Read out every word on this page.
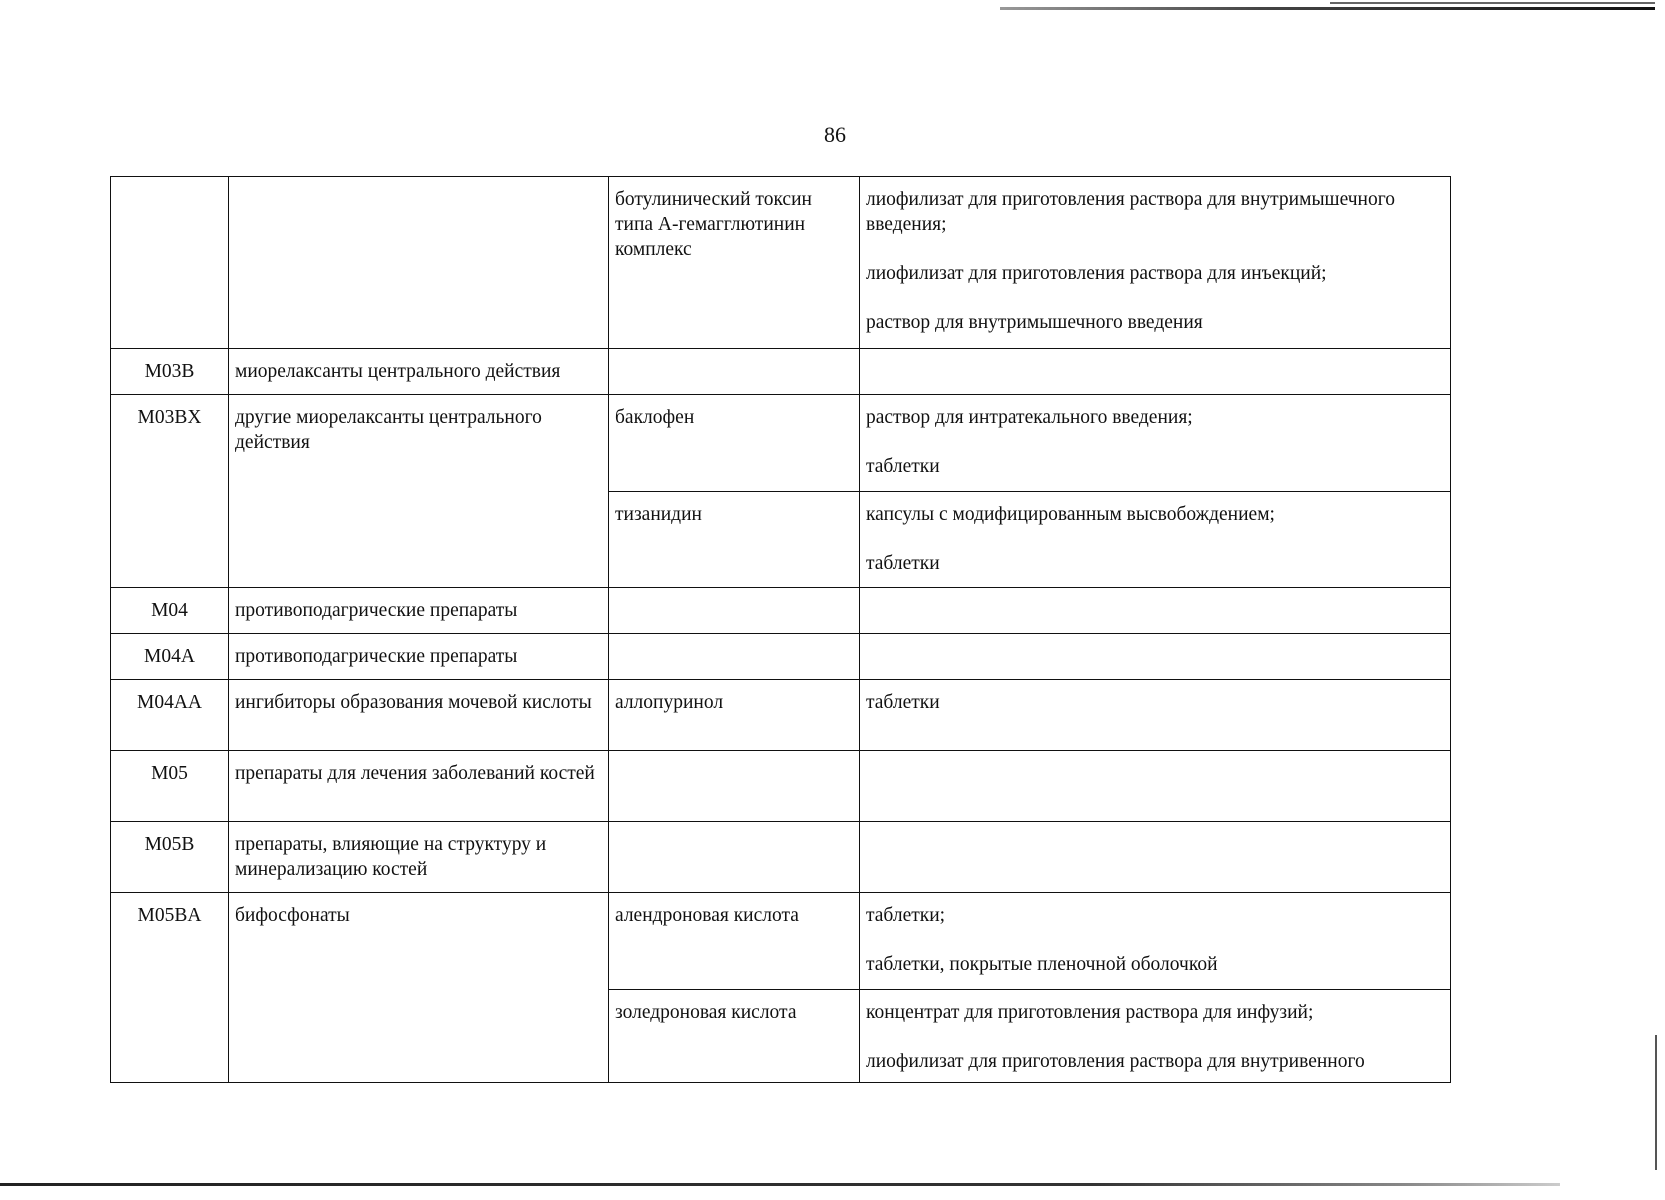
86
		ботулинический токсин типа А-гемагглютинин комплекс	лиофилизат для приготовления раствора для внутримышечного введения;
лиофилизат для приготовления раствора для инъекций;
раствор для внутримышечного введения

M03B	миорелаксанты центрального действия		
M03BX	другие миорелаксанты центрального действия	баклофен	раствор для интратекального введения;
таблетки

		тизанидин	капсулы с модифицированным высвобождением;
таблетки

M04	противоподагрические препараты		
M04A	противоподагрические препараты		
M04AA	ингибиторы образования мочевой кислоты	аллопуринол	таблетки

M05	препараты для лечения заболеваний костей		
M05B	препараты, влияющие на структуру и минерализацию костей		
M05BA	бифосфонаты	алендроновая кислота	таблетки;
таблетки, покрытые пленочной оболочкой

		золедроновая кислота	концентрат для приготовления раствора для инфузий;
лиофилизат для приготовления раствора для внутривенного
